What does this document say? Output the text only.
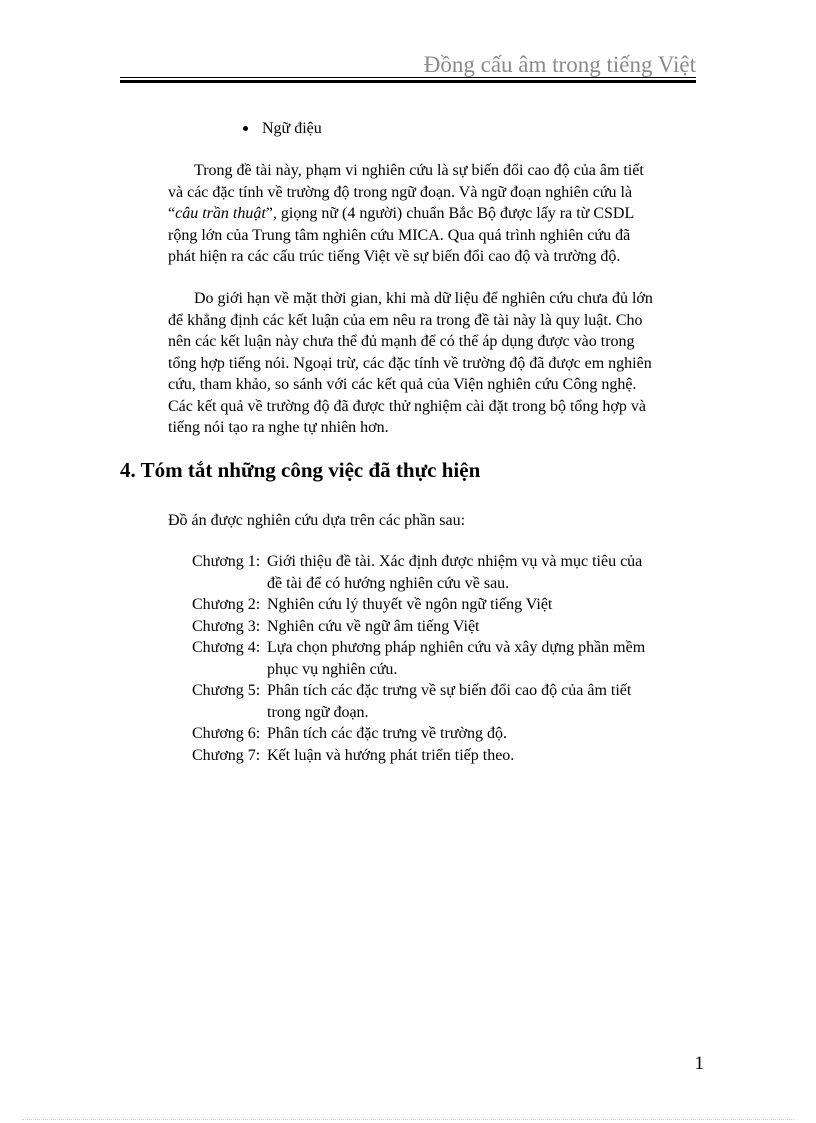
Đồng cấu âm trong tiếng Việt
Ngữ điệu
Trong đề tài này, phạm vi nghiên cứu là sự biến đổi cao độ của âm tiết
và các đặc tính về trường độ trong ngữ đoạn. Và ngữ đoạn nghiên cứu là
“câu trần thuật”, giọng nữ (4 người) chuẩn Bắc Bộ được lấy ra từ CSDL
rộng lớn của Trung tâm nghiên cứu MICA. Qua quá trình nghiên cứu đã
phát hiện ra các cấu trúc tiếng Việt về sự biến đổi cao độ và trường độ.
Do giới hạn về mặt thời gian, khi mà dữ liệu để nghiên cứu chưa đủ lớn
để khẳng định các kết luận của em nêu ra trong đề tài này là quy luật. Cho
nên các kết luận này chưa thể đủ mạnh để có thể áp dụng được vào trong
tổng hợp tiếng nói. Ngoại trừ, các đặc tính về trường độ đã được em nghiên
cứu, tham khảo, so sánh với các kết quả của Viện nghiên cứu Công nghệ.
Các kết quả về trường độ đã được thử nghiệm cài đặt trong bộ tổng hợp và
tiếng nói tạo ra nghe tự nhiên hơn.
4. Tóm tắt những công việc đã thực hiện
Đồ án được nghiên cứu dựa trên các phần sau:
Chương 1: Giới thiệu đề tài. Xác định được nhiệm vụ và mục tiêu của
đề tài để có hướng nghiên cứu về sau.
Chương 2: Nghiên cứu lý thuyết về ngôn ngữ tiếng Việt
Chương 3: Nghiên cứu về ngữ âm tiếng Việt
Chương 4: Lựa chọn phương pháp nghiên cứu và xây dựng phần mềm
phục vụ nghiên cứu.
Chương 5: Phân tích các đặc trưng về sự biến đổi cao độ của âm tiết
trong ngữ đoạn.
Chương 6: Phân tích các đặc trưng về trường độ.
Chương 7: Kết luận và hướng phát triển tiếp theo.
1
